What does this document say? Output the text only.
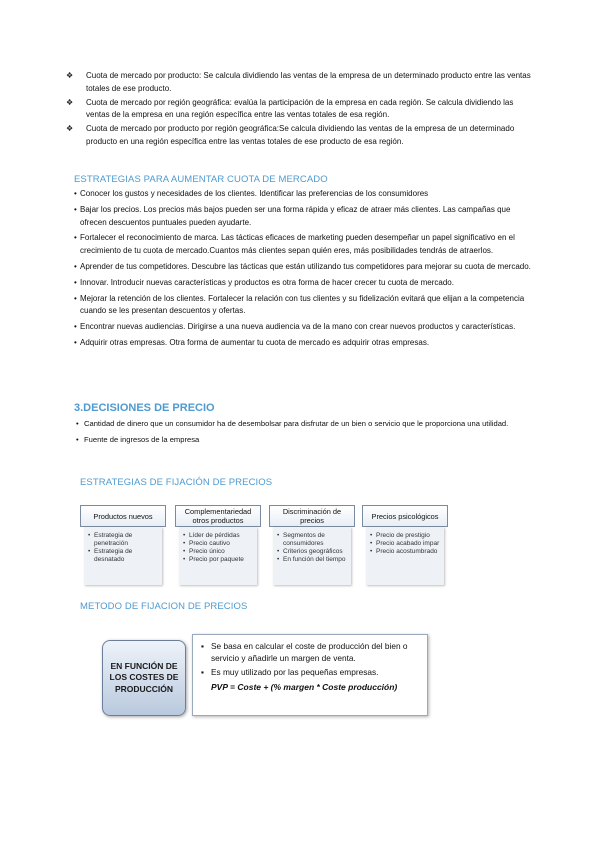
❖	Cuota de mercado por producto: Se calcula dividiendo las ventas de la empresa de un determinado producto entre las ventas totales de ese producto.
❖	Cuota de mercado por región geográfica: evalúa la participación de la empresa en cada región. Se calcula dividiendo las ventas de la empresa en una región específica entre las ventas totales de esa región.
❖	Cuota de mercado por producto por región geográfica:Se calcula dividiendo las ventas de la empresa de un determinado producto en una región específica entre las ventas totales de ese producto de esa región.
ESTRATEGIAS PARA AUMENTAR CUOTA DE MERCADO
• Conocer los gustos y necesidades de los clientes. Identificar las preferencias de los consumidores
• Bajar los precios. Los precios más bajos pueden ser una forma rápida y eficaz de atraer más clientes. Las campañas que ofrecen descuentos puntuales pueden ayudarte.
• Fortalecer el reconocimiento de marca. Las tácticas eficaces de marketing pueden desempeñar un papel significativo en el crecimiento de tu cuota de mercado.Cuantos más clientes sepan quién eres, más posibilidades tendrás de atraerlos.
• Aprender de tus competidores. Descubre las tácticas que están utilizando tus competidores para mejorar su cuota de mercado.
• Innovar. Introducir nuevas características y productos es otra forma de hacer crecer tu cuota de mercado.
• Mejorar la retención de los clientes. Fortalecer la relación con tus clientes y su fidelización evitará que elijan a la competencia cuando se les presentan descuentos y ofertas.
• Encontrar nuevas audiencias. Dirigirse a una nueva audiencia va de la mano con crear nuevos productos y características.
• Adquirir otras empresas. Otra forma de aumentar tu cuota de mercado es adquirir otras empresas.
3.DECISIONES DE PRECIO
• Cantidad de dinero que un consumidor ha de desembolsar para disfrutar de un bien o servicio que le proporciona una utilidad.
• Fuente de ingresos de la empresa
ESTRATEGIAS DE FIJACIÓN DE PRECIOS
Productos nuevos
• Estrategia de penetración
• Estrategia de desnatado
Complementariedad otros productos
• Líder de pérdidas
• Precio cautivo
• Precio único
• Precio por paquete
Discriminación de precios
• Segmentos de consumidores
• Criterios geográficos
• En función del tiempo
Precios psicológicos
• Precio de prestigio
• Precio acabado impar
• Precio acostumbrado
METODO DE FIJACION DE PRECIOS
EN FUNCIÓN DE LOS COSTES DE PRODUCCIÓN
▪ Se basa en calcular el coste de producción del bien o servicio y añadirle un margen de venta.
▪ Es muy utilizado por las pequeñas empresas.
PVP = Coste + (% margen * Coste producción)
